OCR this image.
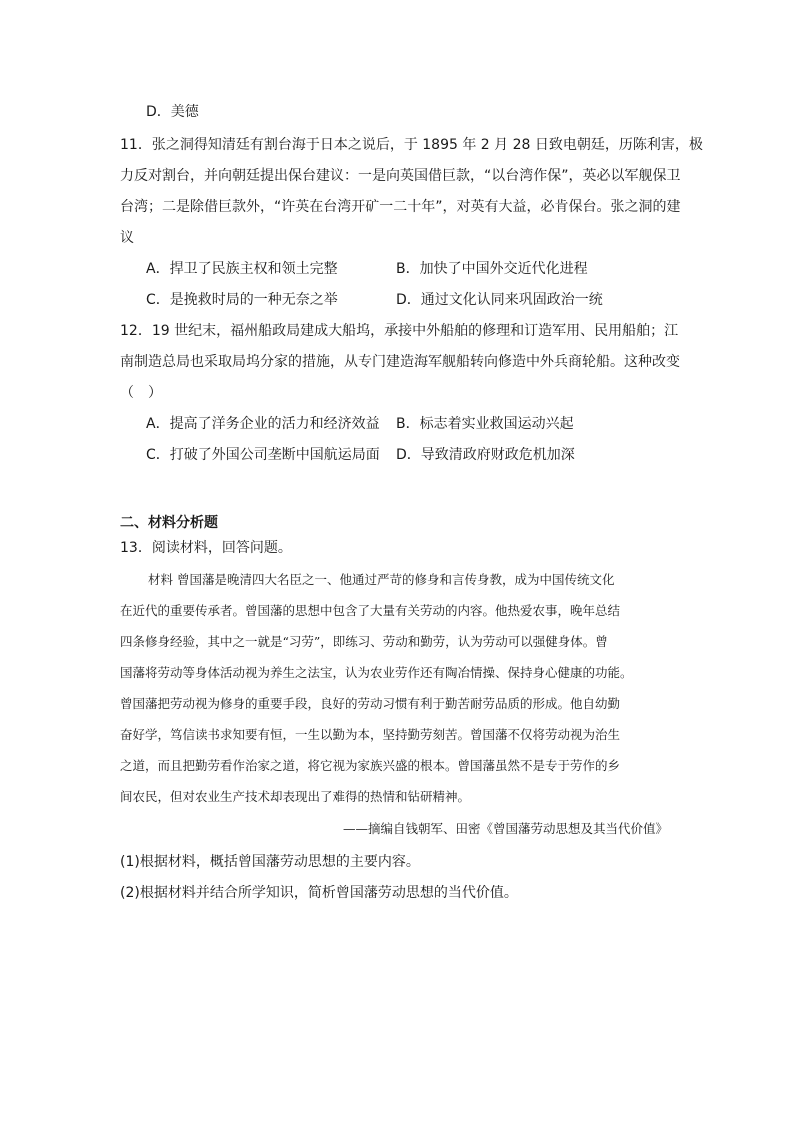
D．美德
11．张之洞得知清廷有割台海于日本之说后，于 1895 年 2 月 28 日致电朝廷，历陈利害，极
力反对割台，并向朝廷提出保台建议：一是向英国借巨款，“以台湾作保”，英必以军舰保卫
台湾；二是除借巨款外，“许英在台湾开矿一二十年”，对英有大益，必肯保台。张之洞的建
议
A．捍卫了民族主权和领土完整	B．加快了中国外交近代化进程
C．是挽救时局的一种无奈之举	D．通过文化认同来巩固政治一统
12．19 世纪末，福州船政局建成大船坞，承接中外船舶的修理和订造军用、民用船舶；江
南制造总局也采取局坞分家的措施，从专门建造海军舰船转向修造中外兵商轮船。这种改变
（　）
A．提高了洋务企业的活力和经济效益 B．标志着实业救国运动兴起
C．打破了外国公司垄断中国航运局面 D．导致清政府财政危机加深
二、材料分析题
13．阅读材料，回答问题。
材料 曾国藩是晚清四大名臣之一、他通过严苛的修身和言传身教，成为中国传统文化
在近代的重要传承者。曾国藩的思想中包含了大量有关劳动的内容。他热爱农事，晚年总结
四条修身经验，其中之一就是“习劳”，即练习、劳动和勤劳，认为劳动可以强健身体。曾
国藩将劳动等身体活动视为养生之法宝，认为农业劳作还有陶冶情操、保持身心健康的功能。
曾国藩把劳动视为修身的重要手段，良好的劳动习惯有利于勤苦耐劳品质的形成。他自幼勤
奋好学，笃信读书求知要有恒，一生以勤为本，坚持勤劳刻苦。曾国藩不仅将劳动视为治生
之道，而且把勤劳看作治家之道，将它视为家族兴盛的根本。曾国藩虽然不是专于劳作的乡
间农民，但对农业生产技术却表现出了难得的热情和钻研精神。
——摘编自钱朝军、田密《曾国藩劳动思想及其当代价值》
(1)根据材料，概括曾国藩劳动思想的主要内容。
(2)根据材料并结合所学知识，简析曾国藩劳动思想的当代价值。
